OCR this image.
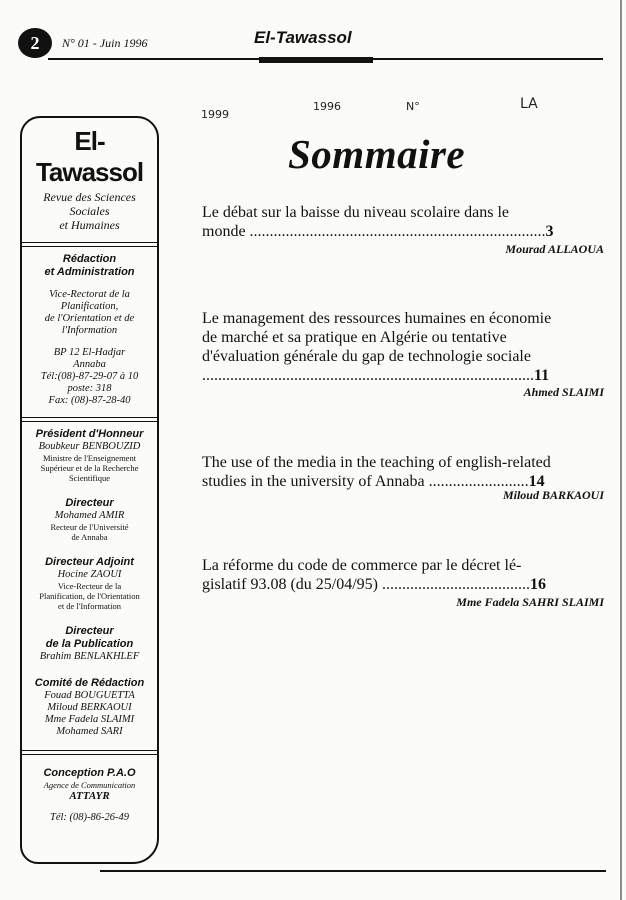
2 N° 01 - Juin 1996	El-Tawassol
1999
1996	N°	LA
El-Tawassol
Revue des Sciences
Sociales
et Humaines
Rédaction
et Administration
Vice-Rectorat de la
Planification,
de l'Orientation et de
l'Information
BP 12 El-Hadjar
Annaba
Tél:(08)-87-29-07 à 10
poste: 318
Fax: (08)-87-28-40
Président d'Honneur
Boubkeur BENBOUZID
Ministre de l'Enseignement
Supérieur et de la Recherche
Scientifique
Directeur
Mohamed AMIR
Recteur de l'Université
de Annaba
Directeur Adjoint
Hocine ZAOUI
Vice-Recteur de la
Planification, de l'Orientation
et de l'Information
Directeur
de la Publication
Brahim BENLAKHLEF
Comité de Rédaction
Fouad BOUGUETTA
Miloud BERKAOUI
Mme Fadela SLAIMI
Mohamed SARI
Conception P.A.O
Agence de Communication
ATTAYR
Tél: (08)-86-26-49
Sommaire
Le débat sur la baisse du niveau scolaire dans le
monde ..........................................................................3
Mourad ALLAOUA
Le management des ressources humaines en économie
de marché et sa pratique en Algérie ou tentative
d'évaluation générale du gap de technologie sociale
...................................................................................11
Ahmed SLAIMI
The use of the media in the teaching of english-related
studies in the university of Annaba .........................14
Miloud BARKAOUI
La réforme du code de commerce par le décret lé-
gislatif 93.08 (du 25/04/95) .....................................16
Mme Fadela SAHRI SLAIMI
